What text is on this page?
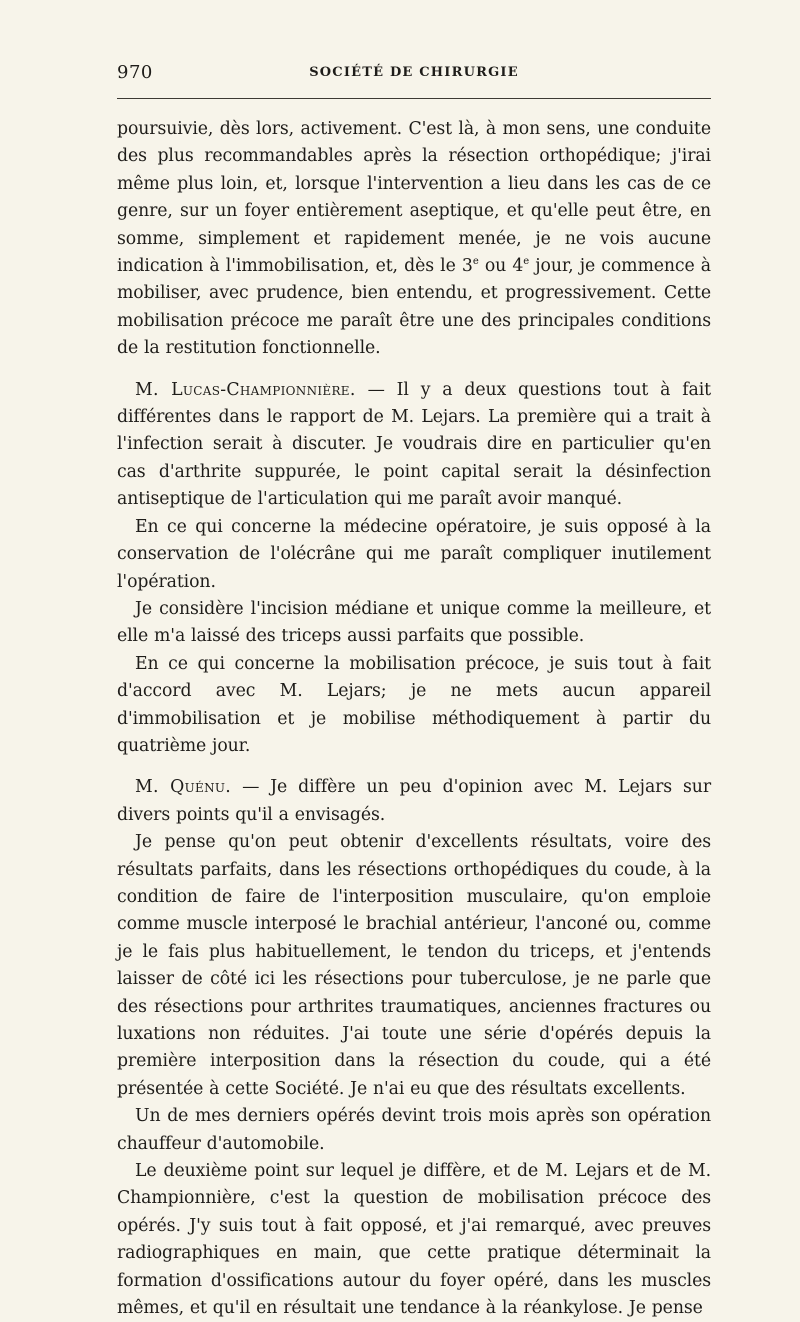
970	SOCIÉTÉ DE CHIRURGIE

poursuivie, dès lors, activement. C'est là, à mon sens, une conduite des plus recommandables après la résection orthopédique; j'irai même plus loin, et, lorsque l'intervention a lieu dans les cas de ce genre, sur un foyer entièrement aseptique, et qu'elle peut être, en somme, simplement et rapidement menée, je ne vois aucune indication à l'immobilisation, et, dès le 3e ou 4e jour, je commence à mobiliser, avec prudence, bien entendu, et progressivement. Cette mobilisation précoce me paraît être une des principales conditions de la restitution fonctionnelle.

M. Lucas-Championnière. — Il y a deux questions tout à fait différentes dans le rapport de M. Lejars. La première qui a trait à l'infection serait à discuter. Je voudrais dire en particulier qu'en cas d'arthrite suppurée, le point capital serait la désinfection antiseptique de l'articulation qui me paraît avoir manqué.

En ce qui concerne la médecine opératoire, je suis opposé à la conservation de l'olécrâne qui me paraît compliquer inutilement l'opération.

Je considère l'incision médiane et unique comme la meilleure, et elle m'a laissé des triceps aussi parfaits que possible.

En ce qui concerne la mobilisation précoce, je suis tout à fait d'accord avec M. Lejars; je ne mets aucun appareil d'immobilisation et je mobilise méthodiquement à partir du quatrième jour.

M. Quénu. — Je diffère un peu d'opinion avec M. Lejars sur divers points qu'il a envisagés.

Je pense qu'on peut obtenir d'excellents résultats, voire des résultats parfaits, dans les résections orthopédiques du coude, à la condition de faire de l'interposition musculaire, qu'on emploie comme muscle interposé le brachial antérieur, l'anconé ou, comme je le fais plus habituellement, le tendon du triceps, et j'entends laisser de côté ici les résections pour tuberculose, je ne parle que des résections pour arthrites traumatiques, anciennes fractures ou luxations non réduites. J'ai toute une série d'opérés depuis la première interposition dans la résection du coude, qui a été présentée à cette Société. Je n'ai eu que des résultats excellents.

Un de mes derniers opérés devint trois mois après son opération chauffeur d'automobile.

Le deuxième point sur lequel je diffère, et de M. Lejars et de M. Championnière, c'est la question de mobilisation précoce des opérés. J'y suis tout à fait opposé, et j'ai remarqué, avec preuves radiographiques en main, que cette pratique déterminait la formation d'ossifications autour du foyer opéré, dans les muscles mêmes, et qu'il en résultait une tendance à la réankylose. Je pense
